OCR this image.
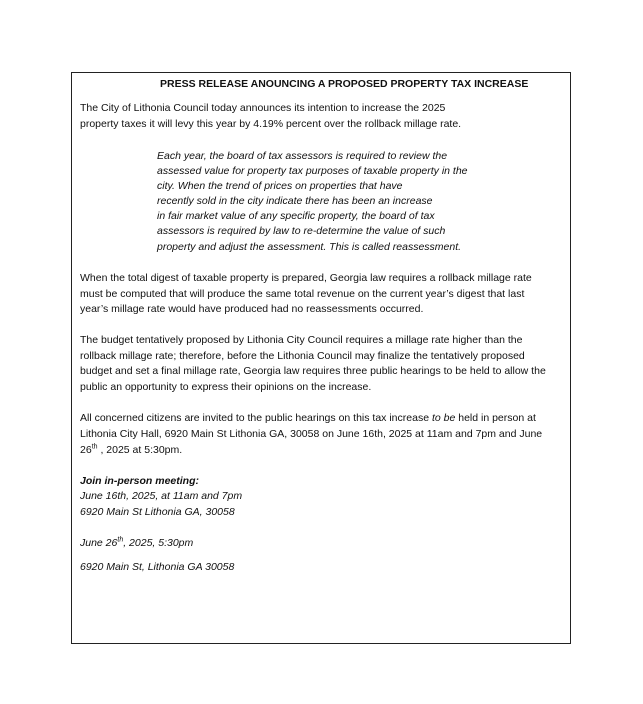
PRESS RELEASE ANOUNCING A PROPOSED PROPERTY TAX INCREASE

The City of Lithonia Council today announces its intention to increase the 2025

property taxes it will levy this year by 4.19% percent over the rollback millage rate.

Each year, the board of tax assessors is required to review the

assessed value for property tax purposes of taxable property in the

city. When the trend of prices on properties that have

recently sold in the city indicate there has been an increase

in fair market value of any specific property, the board of tax

assessors is required by law to re-determine the value of such

property and adjust the assessment. This is called reassessment.

When the total digest of taxable property is prepared, Georgia law requires a rollback millage rate

must be computed that will produce the same total revenue on the current year’s digest that last

year’s millage rate would have produced had no reassessments occurred.

The budget tentatively proposed by Lithonia City Council requires a millage rate higher than the

rollback millage rate; therefore, before the Lithonia Council may finalize the tentatively proposed

budget and set a final millage rate, Georgia law requires three public hearings to be held to allow the

public an opportunity to express their opinions on the increase.

All concerned citizens are invited to the public hearings on this tax increase to be held in person at

Lithonia City Hall, 6920 Main St Lithonia GA, 30058 on June 16th, 2025 at 11am and 7pm and June

26th , 2025 at 5:30pm.

Join in-person meeting:

June 16th, 2025, at 11am and 7pm

6920 Main St Lithonia GA, 30058

June 26th, 2025, 5:30pm

6920 Main St, Lithonia GA 30058
